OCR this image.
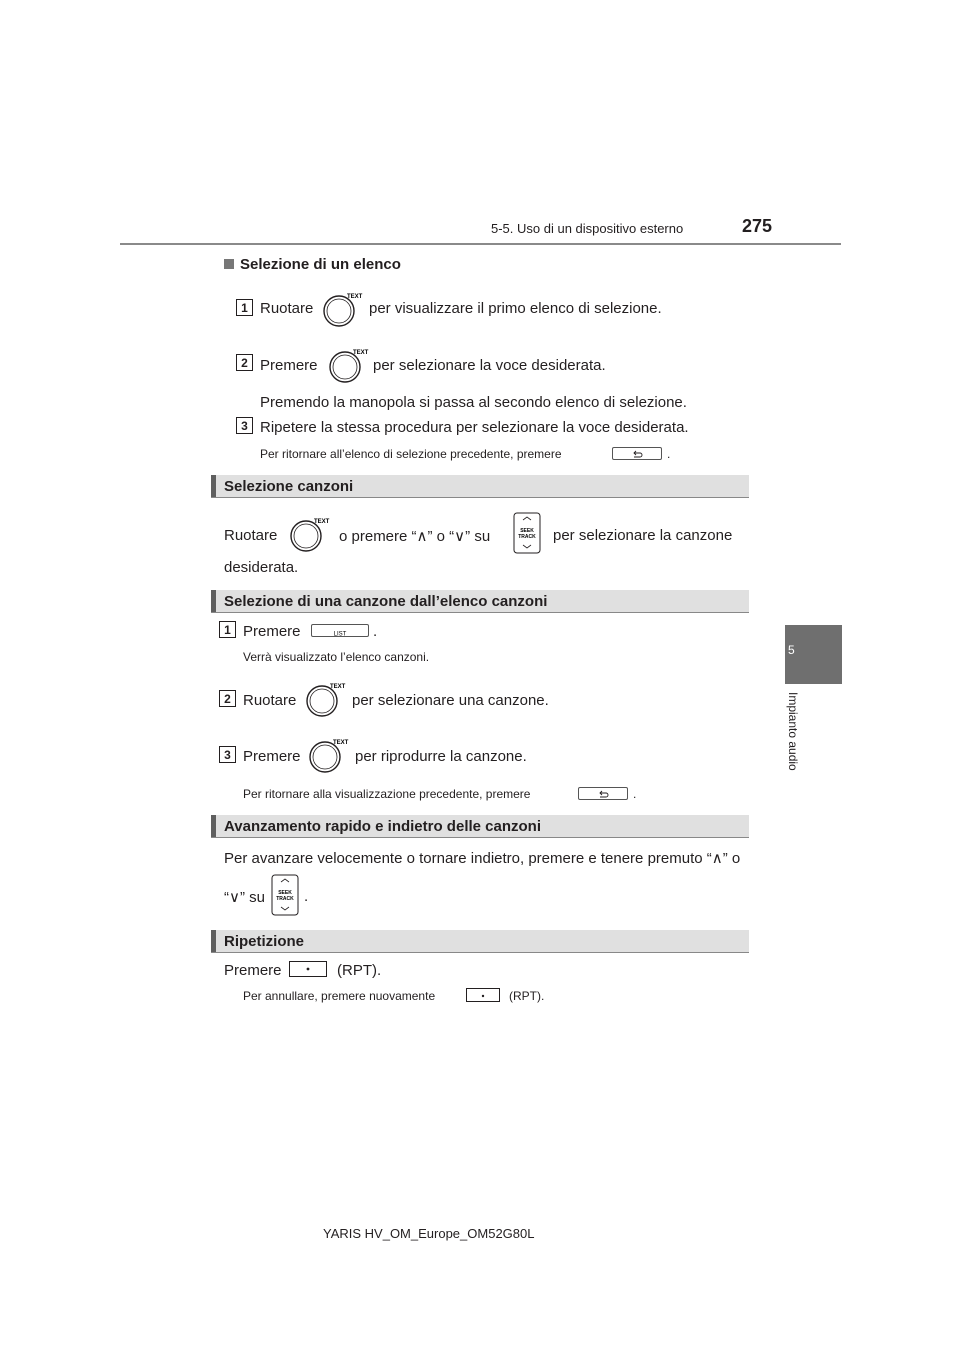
5-5. Uso di un dispositivo esterno	275
5
Impianto audio
Selezione di un elenco
1 Ruotare
TEXT
per visualizzare il primo elenco di selezione.
2 Premere
TEXT
per selezionare la voce desiderata.
Premendo la manopola si passa al secondo elenco di selezione.
3 Ripetere la stessa procedura per selezionare la voce desiderata.
Per ritornare all’elenco di selezione precedente, premere	.
Selezione canzoni
Ruotare
TEXT
o premere “∧” o “∨” su	SEEK
TRACK per selezionare la canzone
desiderata.
Selezione di una canzone dall’elenco canzoni
1 Premere	LIST .
Verrà visualizzato l’elenco canzoni.
2 Ruotare
TEXT
per selezionare una canzone.
3 Premere
TEXT
per riprodurre la canzone.
Per ritornare alla visualizzazione precedente, premere	.
Avanzamento rapido e indietro delle canzoni
Per avanzare velocemente o tornare indietro, premere e tenere premuto “∧” o
“∨” su	SEEK
TRACK .
Ripetizione
Premere	(RPT).
Per annullare, premere nuovamente	(RPT).
YARIS HV_OM_Europe_OM52G80L
